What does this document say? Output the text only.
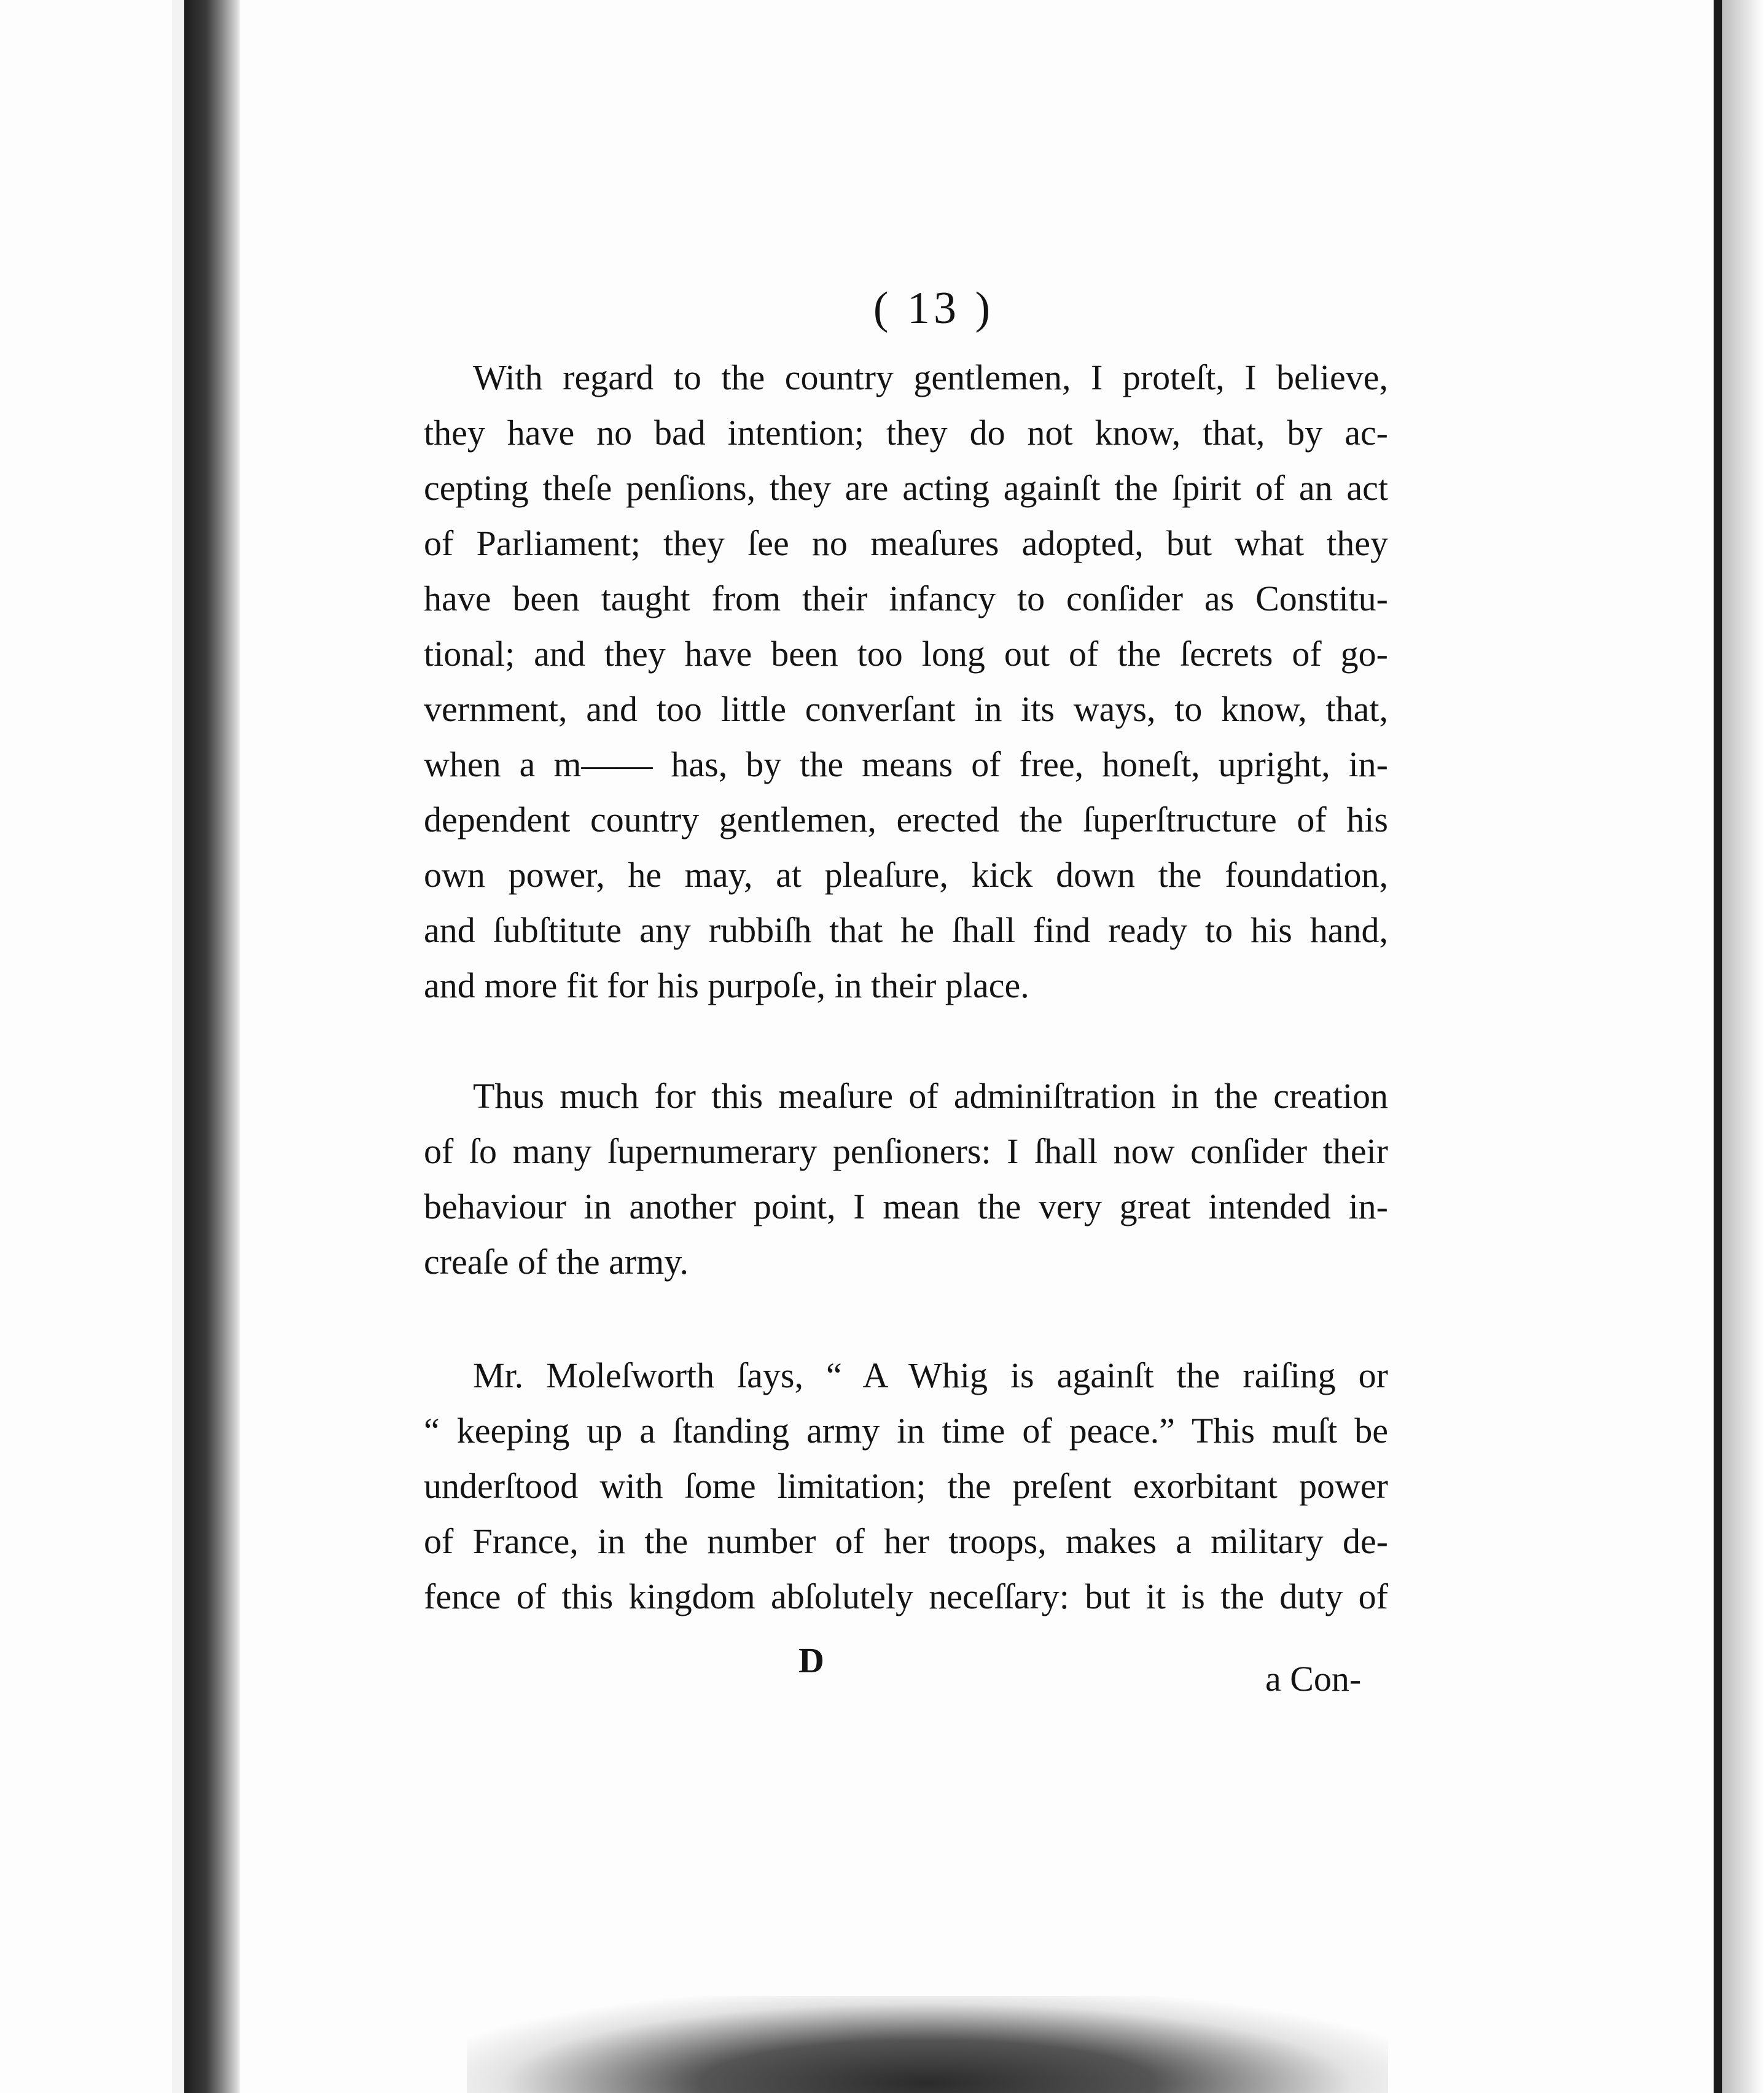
( 13 )
With regard to the country gentlemen, I proteſt, I believe,
they have no bad intention; they do not know, that, by ac-
cepting theſe penſions, they are acting againſt the ſpirit of an act
of Parliament; they ſee no meaſures adopted, but what they
have been taught from their infancy to conſider as Constitu-
tional; and they have been too long out of the ſecrets of go-
vernment, and too little converſant in its ways, to know, that,
when a m—— has, by the means of free, honeſt, upright, in-
dependent country gentlemen, erected the ſuperſtructure of his
own power, he may, at pleaſure, kick down the foundation,
and ſubſtitute any rubbiſh that he ſhall find ready to his hand,
and more fit for his purpoſe, in their place.
Thus much for this meaſure of adminiſtration in the creation
of ſo many ſupernumerary penſioners: I ſhall now conſider their
behaviour in another point, I mean the very great intended in-
creaſe of the army.
Mr. Moleſworth ſays, “ A Whig is againſt the raiſing or
“ keeping up a ſtanding army in time of peace.” This muſt be
underſtood with ſome limitation; the preſent exorbitant power
of France, in the number of her troops, makes a military de-
fence of this kingdom abſolutely neceſſary: but it is the duty of
D	a Con-
